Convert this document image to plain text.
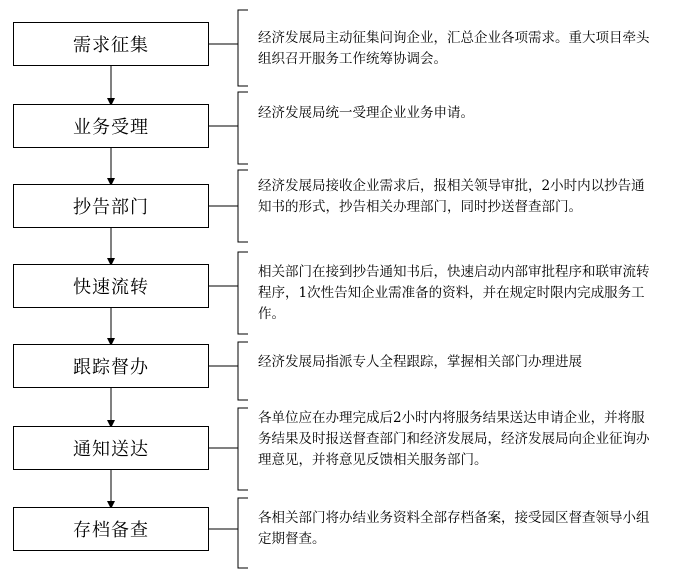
需求征集
业务受理
抄告部门
快速流转
跟踪督办
通知送达
存档备查
经济发展局主动征集问询企业，汇总企业各项需求。重大项目牵头组织召开服务工作统筹协调会。
经济发展局统一受理企业业务申请。
经济发展局接收企业需求后，报相关领导审批，2小时内以抄告通知书的形式，抄告相关办理部门，同时抄送督查部门。
相关部门在接到抄告通知书后，快速启动内部审批程序和联审流转程序，1次性告知企业需准备的资料，并在规定时限内完成服务工作。
经济发展局指派专人全程跟踪，掌握相关部门办理进展
各单位应在办理完成后2小时内将服务结果送达申请企业，并将服务结果及时报送督查部门和经济发展局，经济发展局向企业征询办理意见，并将意见反馈相关服务部门。
各相关部门将办结业务资料全部存档备案，接受园区督查领导小组定期督查。
